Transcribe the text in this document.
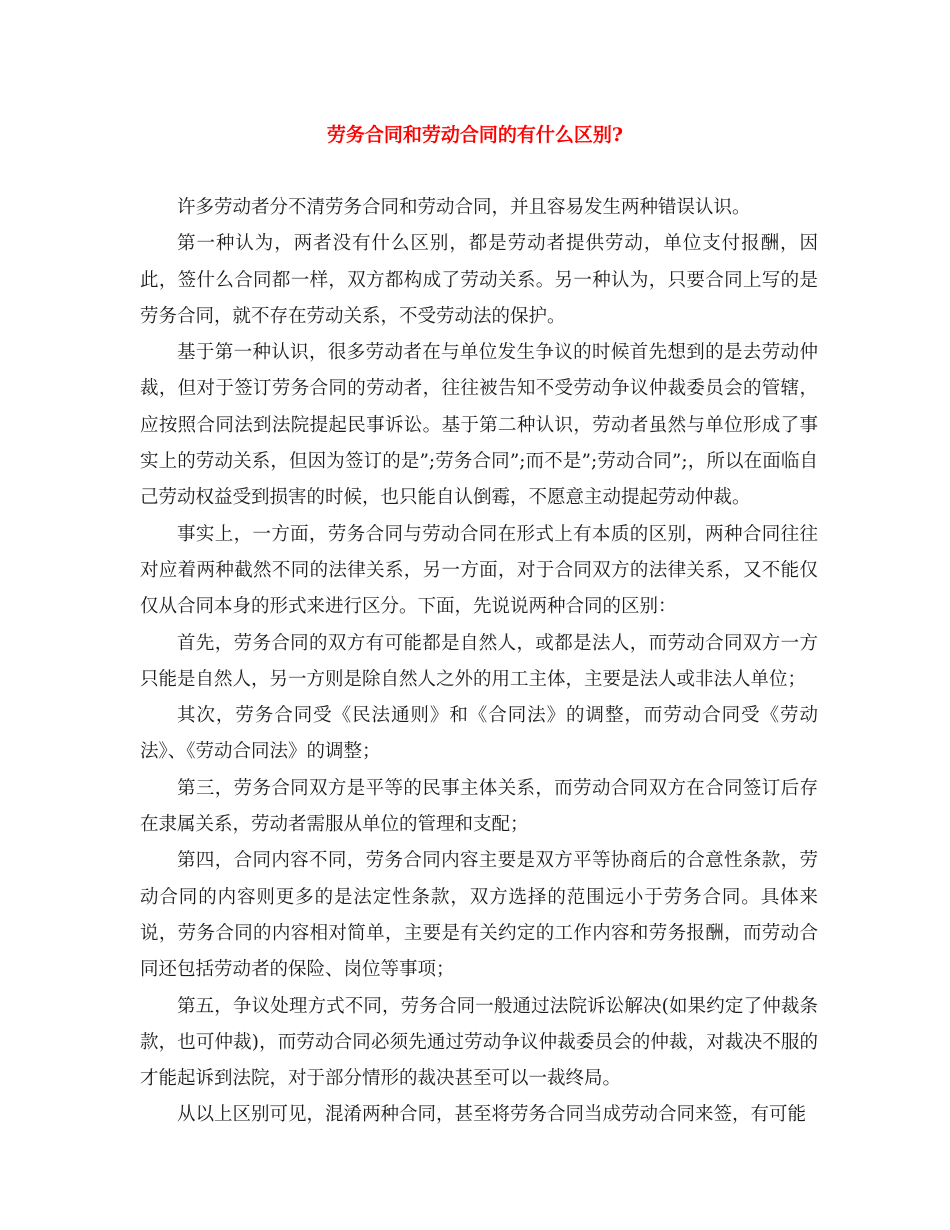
劳务合同和劳动合同的有什么区别?

许多劳动者分不清劳务合同和劳动合同，并且容易发生两种错误认识。

第一种认为，两者没有什么区别，都是劳动者提供劳动，单位支付报酬，因此，签什么合同都一样，双方都构成了劳动关系。另一种认为，只要合同上写的是劳务合同，就不存在劳动关系，不受劳动法的保护。

基于第一种认识，很多劳动者在与单位发生争议的时候首先想到的是去劳动仲裁，但对于签订劳务合同的劳动者，往往被告知不受劳动争议仲裁委员会的管辖，应按照合同法到法院提起民事诉讼。基于第二种认识，劳动者虽然与单位形成了事实上的劳动关系，但因为签订的是”;劳务合同”;而不是”;劳动合同”;，所以在面临自己劳动权益受到损害的时候，也只能自认倒霉，不愿意主动提起劳动仲裁。

事实上，一方面，劳务合同与劳动合同在形式上有本质的区别，两种合同往往对应着两种截然不同的法律关系，另一方面，对于合同双方的法律关系，又不能仅仅从合同本身的形式来进行区分。下面，先说说两种合同的区别：

首先，劳务合同的双方有可能都是自然人，或都是法人，而劳动合同双方一方只能是自然人，另一方则是除自然人之外的用工主体，主要是法人或非法人单位；

其次，劳务合同受《民法通则》和《合同法》的调整，而劳动合同受《劳动法》、《劳动合同法》的调整；

第三，劳务合同双方是平等的民事主体关系，而劳动合同双方在合同签订后存在隶属关系，劳动者需服从单位的管理和支配；

第四，合同内容不同，劳务合同内容主要是双方平等协商后的合意性条款，劳动合同的内容则更多的是法定性条款，双方选择的范围远小于劳务合同。具体来说，劳务合同的内容相对简单，主要是有关约定的工作内容和劳务报酬，而劳动合同还包括劳动者的保险、岗位等事项；

第五，争议处理方式不同，劳务合同一般通过法院诉讼解决(如果约定了仲裁条款，也可仲裁)，而劳动合同必须先通过劳动争议仲裁委员会的仲裁，对裁决不服的才能起诉到法院，对于部分情形的裁决甚至可以一裁终局。

从以上区别可见，混淆两种合同，甚至将劳务合同当成劳动合同来签，有可能
